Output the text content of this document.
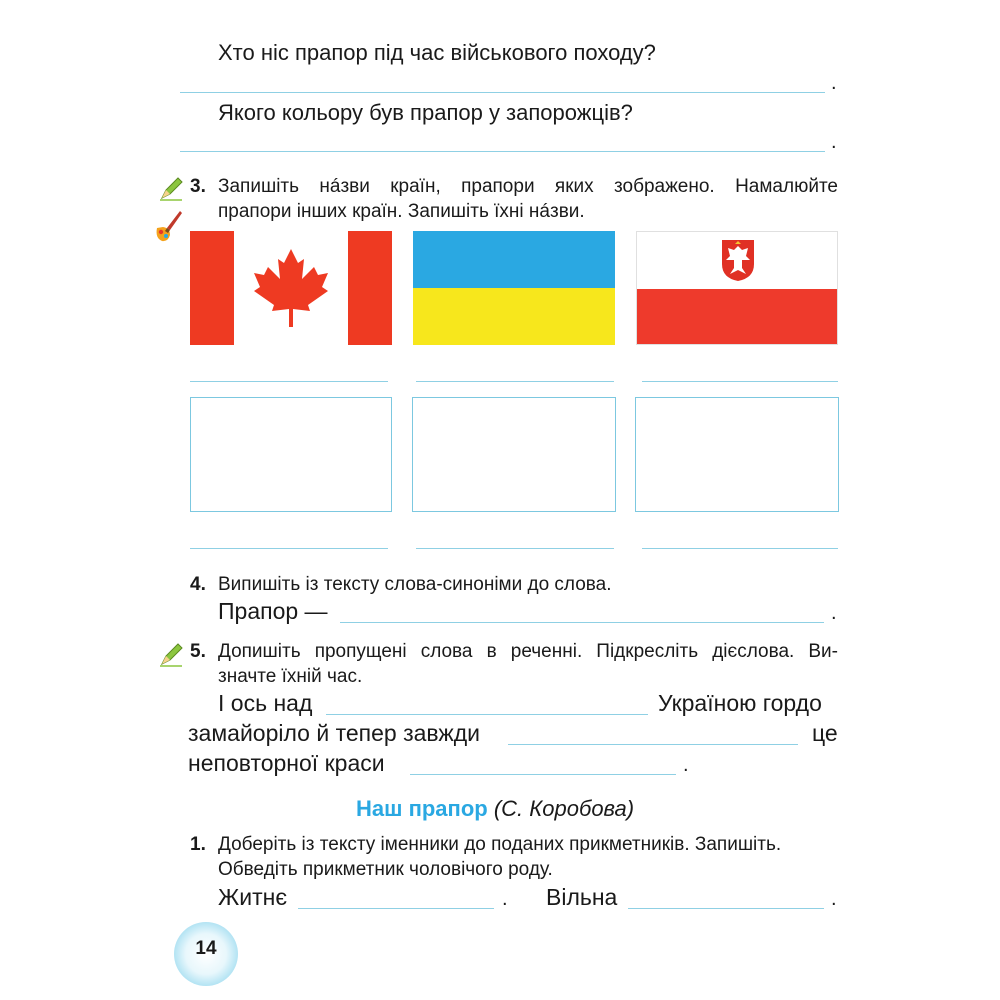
Хто ніс прапор під час військового походу?
.
Якого кольору був прапор у запорожців?
.
3. Запишіть нáзви країн, прапори яких зображено. Намалюйте
прапори інших країн. Запишіть їхні нáзви.
4. Випишіть із тексту слова-синоніми до слова.
Прапор —	.
5. Допишіть пропущені слова в реченні. Підкресліть дієслова. Ви-
значте їхній час.
І ось над	Україною гордо
замайоріло й тепер завжди	це
неповторної краси	.
Наш прапор (С. Коробова)
1. Доберіть із тексту іменники до поданих прикметників. Запишіть.
Обведіть прикметник чоловічого роду.
Житнє	. Вільна	.
14
